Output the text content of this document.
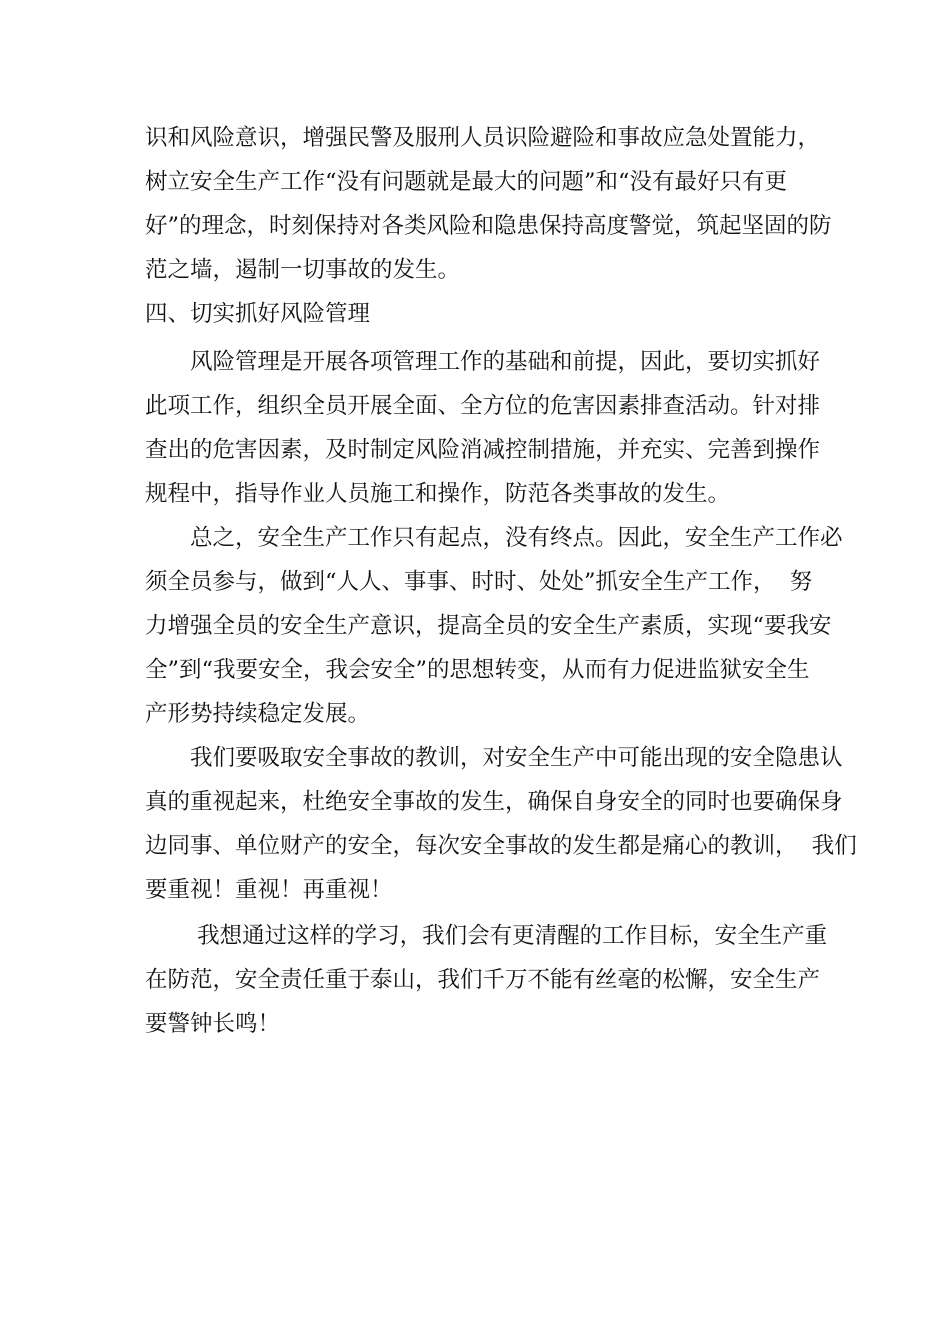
识和风险意识，增强民警及服刑人员识险避险和事故应急处置能力，
树立安全生产工作“没有问题就是最大的问题”和“没有最好只有更
好”的理念，时刻保持对各类风险和隐患保持高度警觉，筑起坚固的防
范之墙，遏制一切事故的发生。
四、切实抓好风险管理
　　风险管理是开展各项管理工作的基础和前提，因此，要切实抓好
此项工作，组织全员开展全面、全方位的危害因素排查活动。针对排
查出的危害因素，及时制定风险消减控制措施，并充实、完善到操作
规程中，指导作业人员施工和操作，防范各类事故的发生。
　　总之，安全生产工作只有起点，没有终点。因此，安全生产工作必
须全员参与，做到“人人、事事、时时、处处”抓安全生产工作，  努
力增强全员的安全生产意识，提高全员的安全生产素质，实现“要我安
全”到“我要安全，我会安全”的思想转变，从而有力促进监狱安全生
产形势持续稳定发展。
　　我们要吸取安全事故的教训，对安全生产中可能出现的安全隐患认
真的重视起来，杜绝安全事故的发生，确保自身安全的同时也要确保身
边同事、单位财产的安全，每次安全事故的发生都是痛心的教训，  我们
要重视！重视！再重视！
　　 我想通过这样的学习，我们会有更清醒的工作目标，安全生产重
在防范，安全责任重于泰山，我们千万不能有丝毫的松懈，安全生产
要警钟长鸣！
